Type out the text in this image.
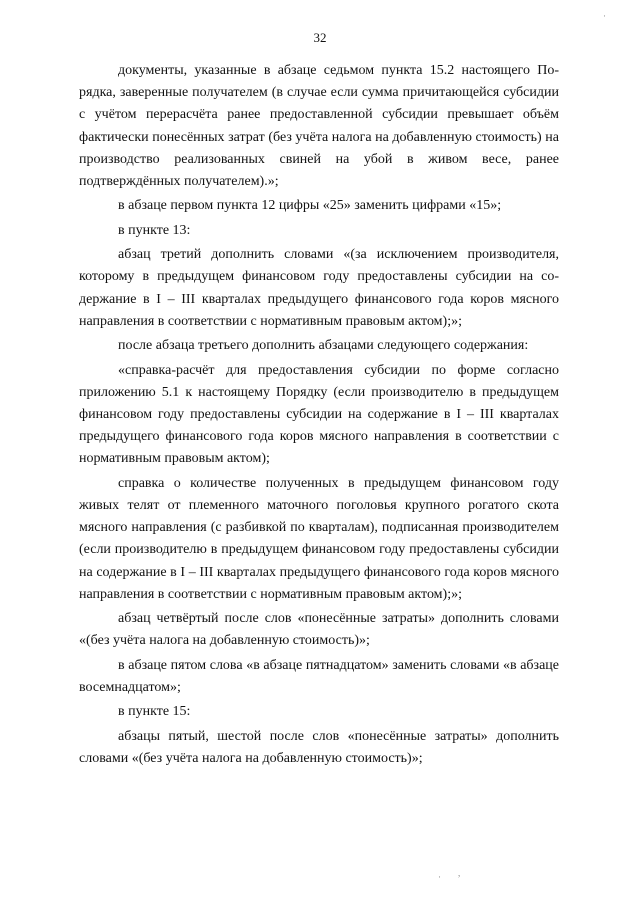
32

документы, указанные в абзаце седьмом пункта 15.2 настоящего Порядка, заверенные получателем (в случае если сумма причитающейся субсидии с учётом перерасчёта ранее предоставленной субсидии превышает объём фактически понесённых затрат (без учёта налога на добавленную стоимость) на производство реализованных свиней на убой в живом весе, ранее подтверждённых получателем).»;

в абзаце первом пункта 12 цифры «25» заменить цифрами «15»;

в пункте 13:

абзац третий дополнить словами «(за исключением производителя, которому в предыдущем финансовом году предоставлены субсидии на содержание в I – III кварталах предыдущего финансового года коров мясного направления в соответствии с нормативным правовым актом);»;

после абзаца третьего дополнить абзацами следующего содержания:

«справка-расчёт для предоставления субсидии по форме согласно приложению 5.1 к настоящему Порядку (если производителю в предыдущем финансовом году предоставлены субсидии на содержание в I – III кварталах предыдущего финансового года коров мясного направления в соответствии с нормативным правовым актом);

справка о количестве полученных в предыдущем финансовом году живых телят от племенного маточного поголовья крупного рогатого скота мясного направления (с разбивкой по кварталам), подписанная производителем (если производителю в предыдущем финансовом году предоставлены субсидии на содержание в I – III кварталах предыдущего финансового года коров мясного направления в соответствии с нормативным правовым актом);»;

абзац четвёртый после слов «понесённые затраты» дополнить словами «(без учёта налога на добавленную стоимость)»;

в абзаце пятом слова «в абзаце пятнадцатом» заменить словами «в абзаце восемнадцатом»;

в пункте 15:

абзацы пятый, шестой после слов «понесённые затраты» дополнить словами «(без учёта налога на добавленную стоимость)»;

·
· ,
